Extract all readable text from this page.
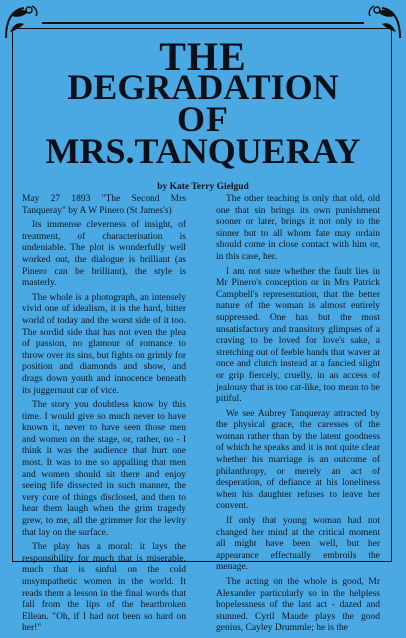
THE
DEGRADATION
OF
MRS.TANQUERAY
by Kate Terry Gielgud

May 27 1893 "The Second Mrs Tanqueray" by A W Pinero (St James's)

Its immense cleverness of insight, of treatment, of characterisation is undeniable. The plot is wonderfully well worked out, the dialogue is brilliant (as Pinero can be brilliant), the style is masterly.

The whole is a photograph, an intensely vivid one of idealism, it is the hard, bitter world of today and the worst side of it too. The sordid side that has not even the plea of passion, no glamour of romance to throw over its sins, but fights on grimly for position and diamonds and show, and drags down youth and innocence beneath its juggernaut car of vice.

The story you doubtless know by this time. I would give so much never to have known it, never to have seen those men and women on the stage, or, rather, no - I think it was the audience that hurt one most. It was to me so appalling that men and women should sit there and enjoy seeing life dissected in such manner, the very core of things disclosed, and then to hear them laugh when the grim tragedy grew, to me, all the grimmer for the levity that lay on the surface.

The play has a moral: it lays the responsibility for much that is miserable, much that is sinful on the cold unsympathetic women in the world. It reads them a lesson in the final words that fall from the lips of the heartbroken Ellean. "Oh, if I had not been so hard on her!"

The other teaching is only that old, old one that sin brings its own punishment sooner or later, brings it not only to the sinner but to all whom fate may ordain should come in close contact with him or, in this case, her.

I am not sure whether the fault lies in Mr Pinero's conception or in Mrs Patrick Campbell's representation, that the better nature of the woman is almost entirely suppressed. One has but the most unsatisfactory and transitory glimpses of a craving to be loved for love's sake, a stretching out of feeble hands that waver at once and clutch instead at a fancied slight or grip fiercely, cruelly, in an access of jealousy that is too cat-like, too mean to be pitiful.

We see Aubrey Tanqueray attracted by the physical grace, the caresses of the woman rather than by the latent goodness of which he speaks and it is not quite clear whether his marriage is an outcome of philanthropy, or merely an act of desperation, of defiance at his loneliness when his daughter refuses to leave her convent.

If only that young woman had not changed her mind at the critical moment all might have been well, but her appearance effectually embroils the menage.

The acting on the whole is good, Mr Alexander particularly so in the helpless hopelessness of the last act - dazed and stunned. Cyril Maude plays the good genius, Cayley Drummle; he is the
